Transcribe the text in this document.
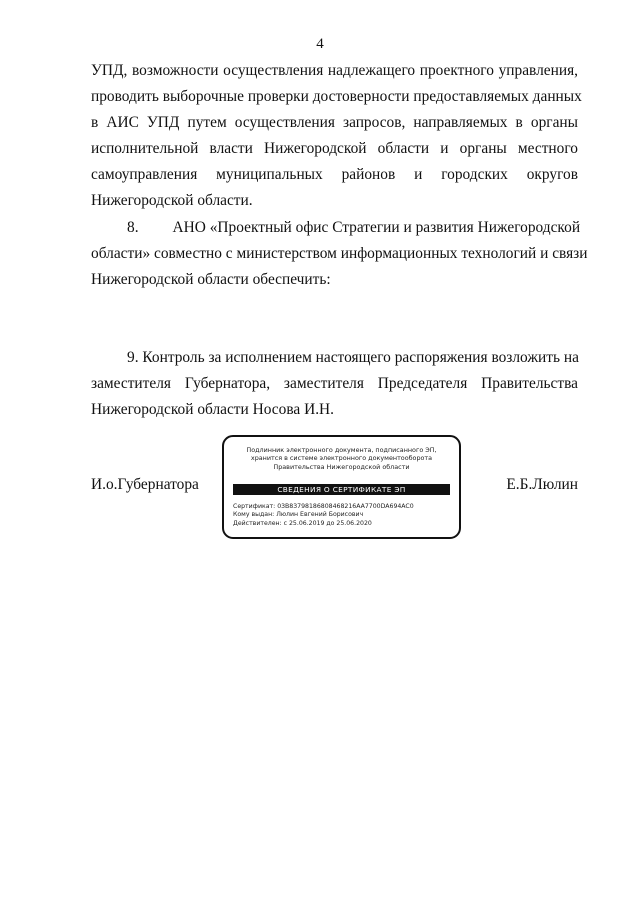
4
УПД, возможности осуществления надлежащего проектного управления,
проводить выборочные проверки достоверности предоставляемых данных
в АИС УПД путем осуществления запросов, направляемых в органы
исполнительной власти Нижегородской области и органы местного
самоуправления муниципальных районов и городских округов
Нижегородской области.
8. АНО «Проектный офис Стратегии и развития Нижегородской
области» совместно с министерством информационных технологий и связи
Нижегородской области обеспечить:
9. Контроль за исполнением настоящего распоряжения возложить на
заместителя Губернатора, заместителя Председателя Правительства
Нижегородской области Носова И.Н.
И.о.Губернатора
Подлинник электронного документа, подписанного ЭП,
хранится в системе электронного документооборота
Правительства Нижегородской области
СВЕДЕНИЯ О СЕРТИФИКАТЕ ЭП
Сертификат: 03B83798186808468216AA7700DA694AC0
Кому выдан: Люлин Евгений Борисович
Действителен: с 25.06.2019 до 25.06.2020
Е.Б.Люлин
